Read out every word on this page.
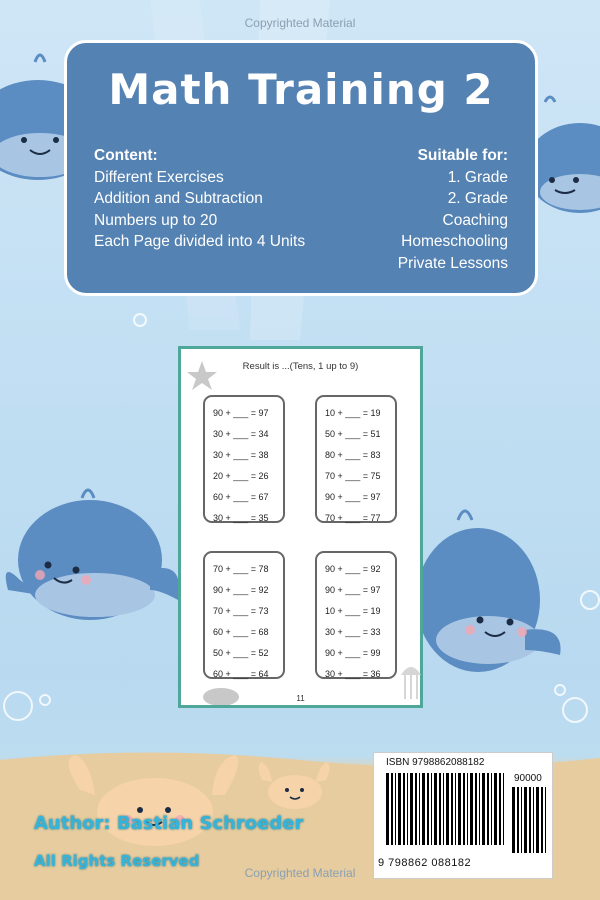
Copyrighted Material
Math Training 2
Content:
Different Exercises
Addition and Subtraction
Numbers up to 20
Each Page divided into 4 Units
Suitable for:
1. Grade
2. Grade
Coaching
Homeschooling
Private Lessons
Result is ...(Tens, 1 up to 9)
90 + ___ = 97
30 + ___ = 34
30 + ___ = 38
20 + ___ = 26
60 + ___ = 67
30 + ___ = 35
10 + ___ = 19
50 + ___ = 51
80 + ___ = 83
70 + ___ = 75
90 + ___ = 97
70 + ___ = 77
70 + ___ = 78
90 + ___ = 92
70 + ___ = 73
60 + ___ = 68
50 + ___ = 52
60 + ___ = 64
90 + ___ = 92
90 + ___ = 97
10 + ___ = 19
30 + ___ = 33
90 + ___ = 99
30 + ___ = 36
11
Author: Bastian Schroeder
All Rights Reserved
Copyrighted Material
ISBN 9798862088182
90000
9 798862 088182
